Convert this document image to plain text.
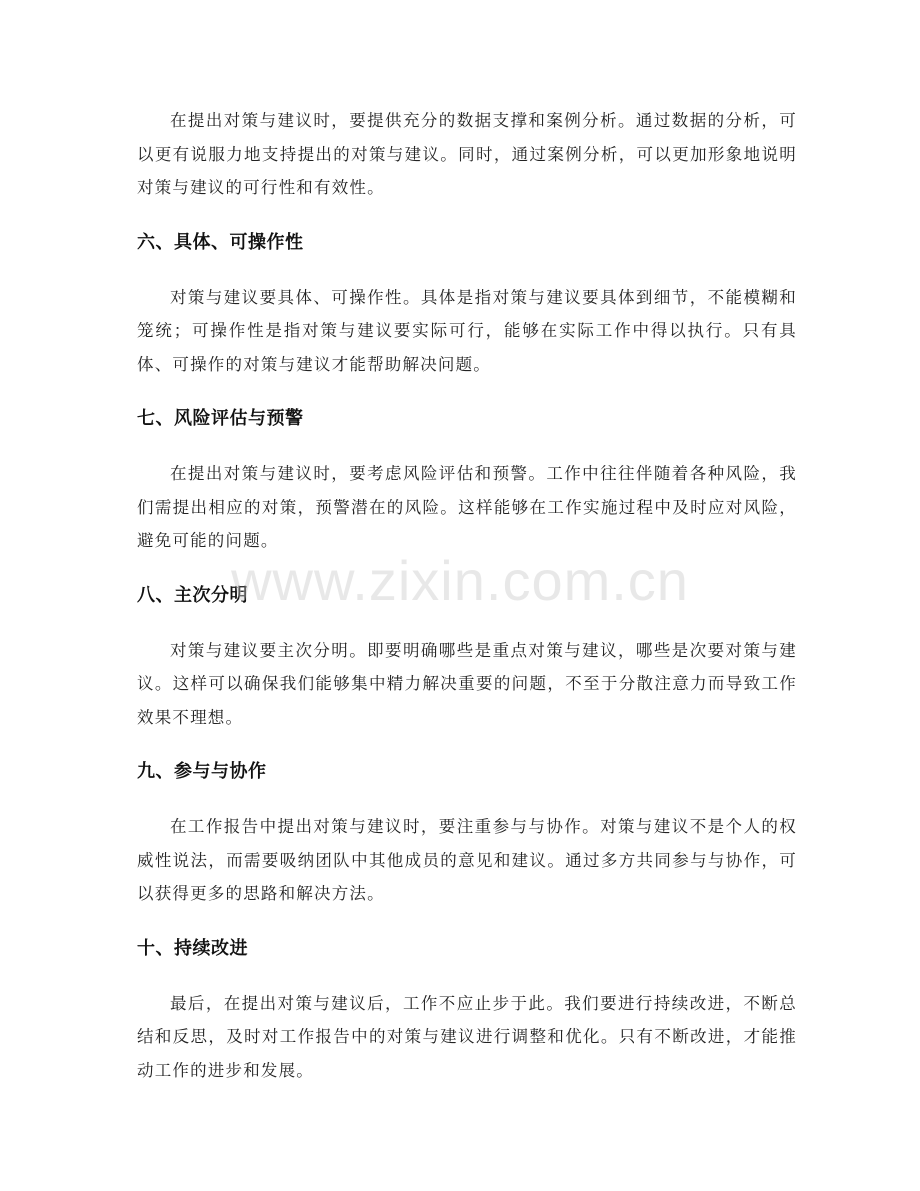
在提出对策与建议时，要提供充分的数据支撑和案例分析。通过数据的分析，可以更有说服力地支持提出的对策与建议。同时，通过案例分析，可以更加形象地说明对策与建议的可行性和有效性。

六、具体、可操作性

对策与建议要具体、可操作性。具体是指对策与建议要具体到细节，不能模糊和笼统；可操作性是指对策与建议要实际可行，能够在实际工作中得以执行。只有具体、可操作的对策与建议才能帮助解决问题。

七、风险评估与预警

在提出对策与建议时，要考虑风险评估和预警。工作中往往伴随着各种风险，我们需提出相应的对策，预警潜在的风险。这样能够在工作实施过程中及时应对风险，避免可能的问题。

八、主次分明

对策与建议要主次分明。即要明确哪些是重点对策与建议，哪些是次要对策与建议。这样可以确保我们能够集中精力解决重要的问题，不至于分散注意力而导致工作效果不理想。

九、参与与协作

在工作报告中提出对策与建议时，要注重参与与协作。对策与建议不是个人的权威性说法，而需要吸纳团队中其他成员的意见和建议。通过多方共同参与与协作，可以获得更多的思路和解决方法。

十、持续改进

最后，在提出对策与建议后，工作不应止步于此。我们要进行持续改进，不断总结和反思，及时对工作报告中的对策与建议进行调整和优化。只有不断改进，才能推动工作的进步和发展。

www.zixin.com.cn
